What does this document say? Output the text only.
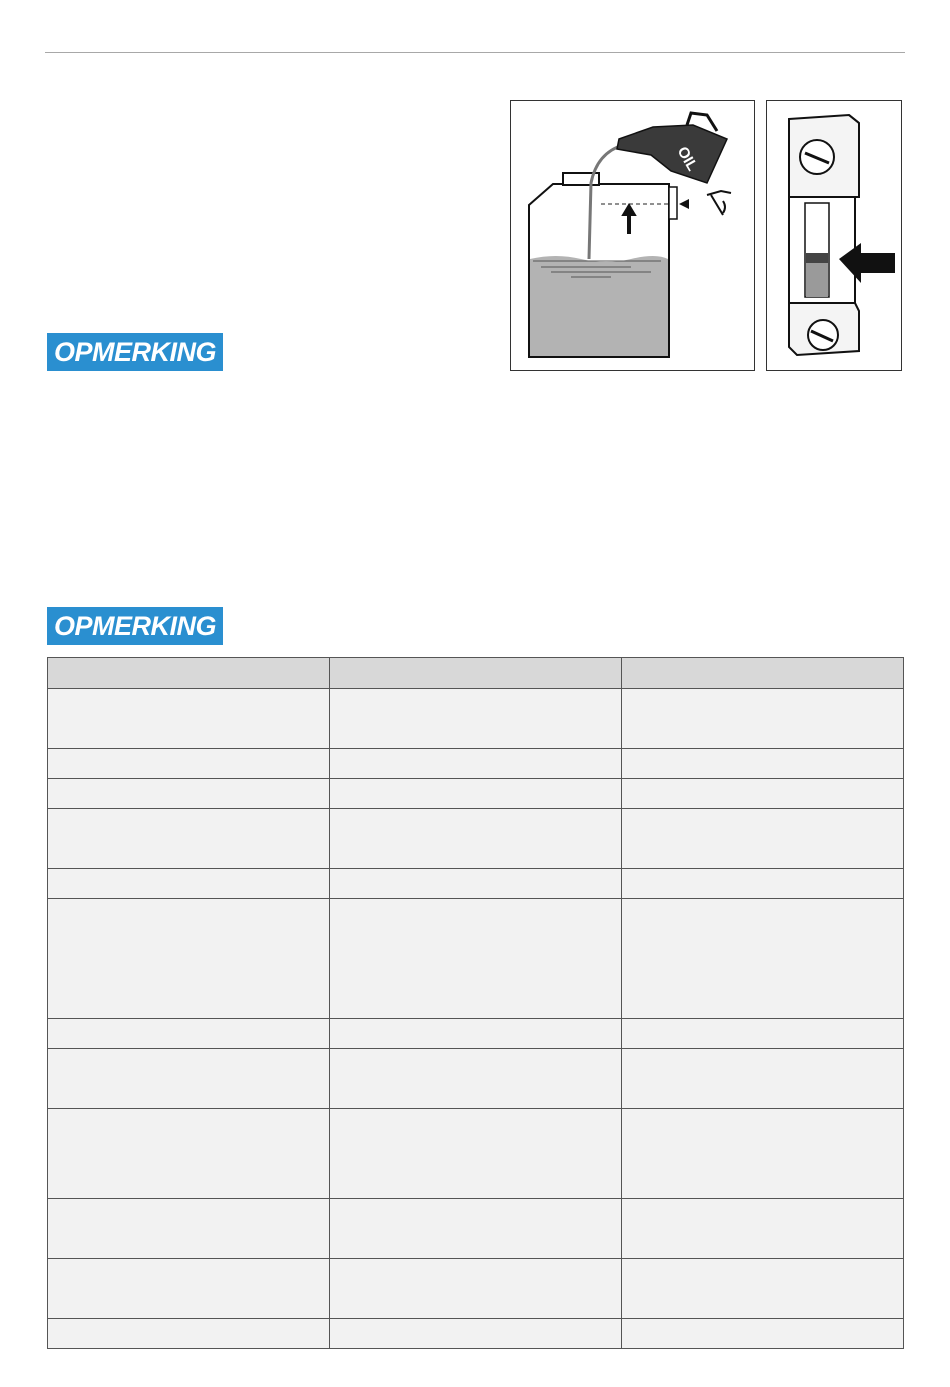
OIL
OPMERKING
OPMERKING
